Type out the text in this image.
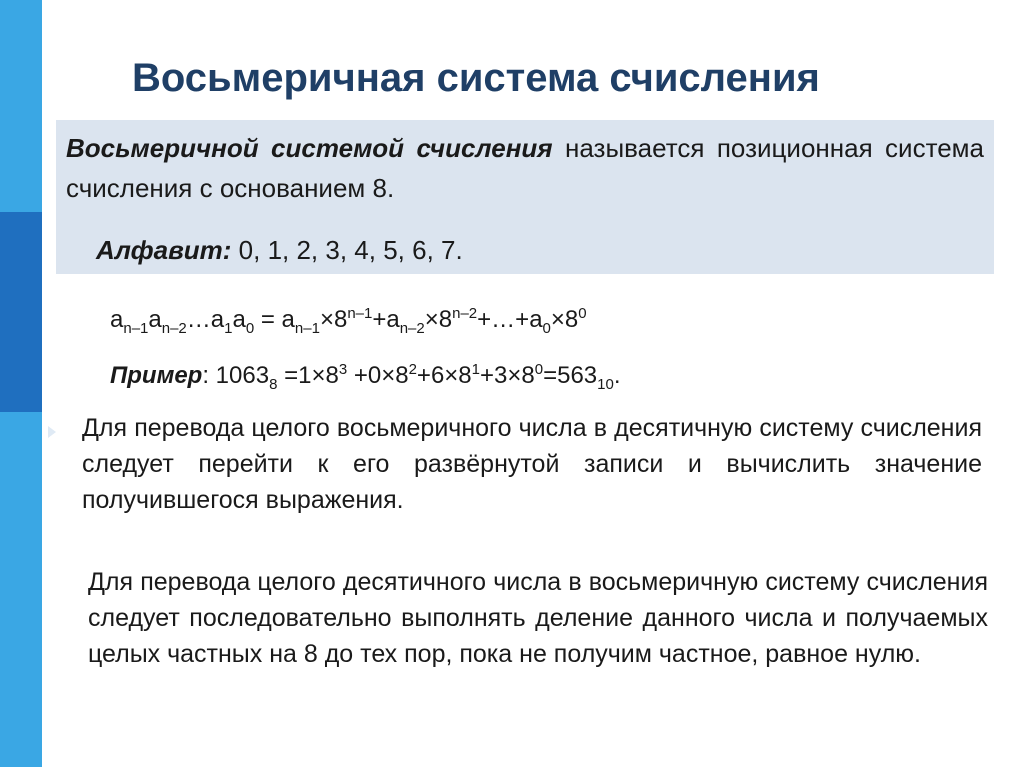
Восьмеричная система счисления

Восьмеричной системой счисления называется позиционная система счисления с основанием 8.

Алфавит: 0, 1, 2, 3, 4, 5, 6, 7.

$a_{n-1}a_{n-2}\dots a_1a_0$ = $a_{n-1}\times 8^{n-1}+a_{n-2}\times 8^{n-2}+\dots+a_0\times 8^0$
Пример: $1063_8 =1\times 8^3 +0\times 8^2+6\times 8^1+3\times 8^0=563_{10}$.

Для перевода целого восьмеричного числа в десятичную систему счисления следует перейти к его развёрнутой записи и вычислить значение получившегося выражения.

Для перевода целого десятичного числа в восьмеричную систему счисления следует последовательно выполнять деление данного числа и получаемых целых частных на 8 до тех пор, пока не получим частное, равное нулю.
